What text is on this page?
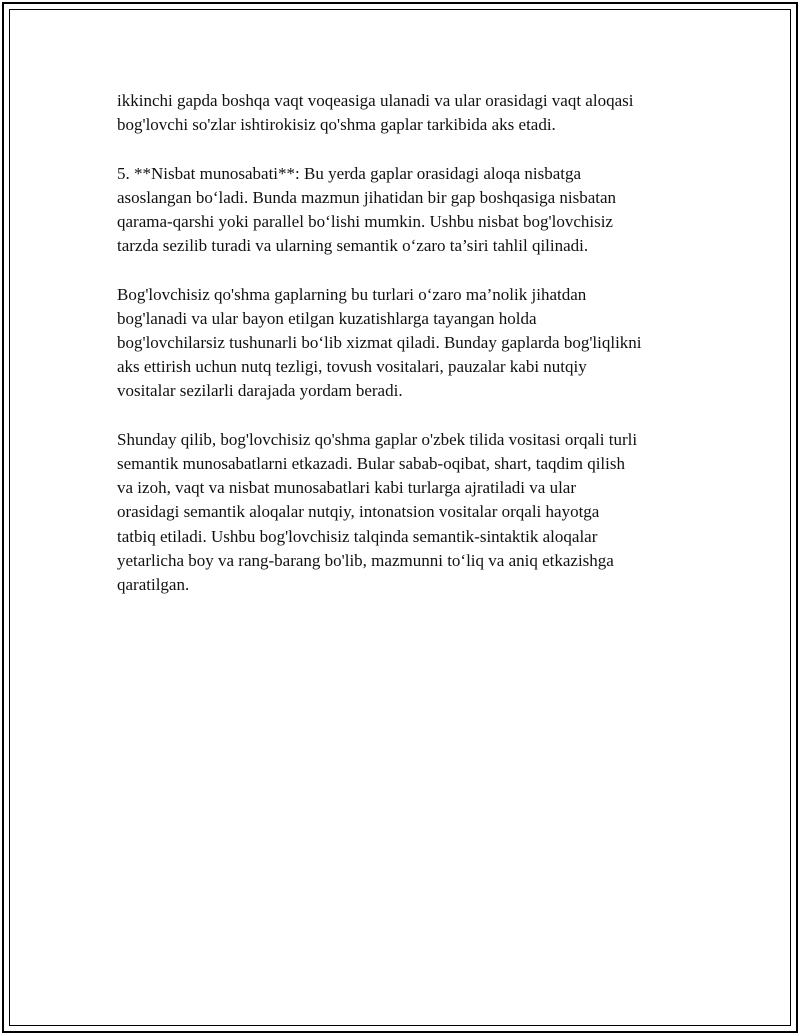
ikkinchi gapda boshqa vaqt voqeasiga ulanadi va ular orasidagi vaqt aloqasi
bog'lovchi so'zlar ishtirokisiz qo'shma gaplar tarkibida aks etadi.

5. **Nisbat munosabati**: Bu yerda gaplar orasidagi aloqa nisbatga
asoslangan bo‘ladi. Bunda mazmun jihatidan bir gap boshqasiga nisbatan
qarama-qarshi yoki parallel bo‘lishi mumkin. Ushbu nisbat bog'lovchisiz
tarzda sezilib turadi va ularning semantik o‘zaro ta’siri tahlil qilinadi.

Bog'lovchisiz qo'shma gaplarning bu turlari o‘zaro ma’nolik jihatdan
bog'lanadi va ular bayon etilgan kuzatishlarga tayangan holda
bog'lovchilarsiz tushunarli bo‘lib xizmat qiladi. Bunday gaplarda bog'liqlikni
aks ettirish uchun nutq tezligi, tovush vositalari, pauzalar kabi nutqiy
vositalar sezilarli darajada yordam beradi.

Shunday qilib, bog'lovchisiz qo'shma gaplar o'zbek tilida vositasi orqali turli
semantik munosabatlarni etkazadi. Bular sabab-oqibat, shart, taqdim qilish
va izoh, vaqt va nisbat munosabatlari kabi turlarga ajratiladi va ular
orasidagi semantik aloqalar nutqiy, intonatsion vositalar orqali hayotga
tatbiq etiladi. Ushbu bog'lovchisiz talqinda semantik-sintaktik aloqalar
yetarlicha boy va rang-barang bo'lib, mazmunni to‘liq va aniq etkazishga
qaratilgan.
